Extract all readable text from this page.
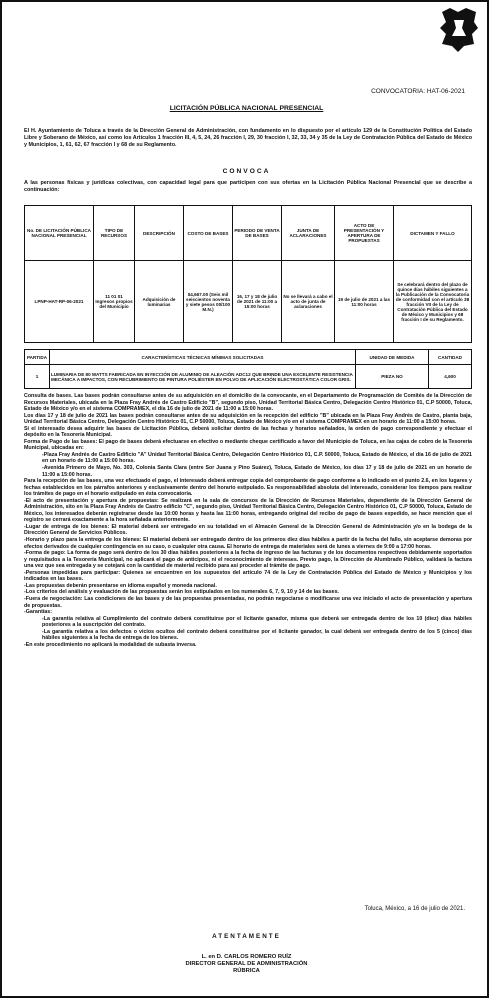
CONVOCATORIA: HAT-06-2021
LICITACIÓN PÚBLICA NACIONAL PRESENCIAL
El H. Ayuntamiento de Toluca a través de la Dirección General de Administración, con fundamento en lo dispuesto por el artículo 129 de la Constitución Política del Estado Libre y Soberano de México, así como los Artículos 1 fracción III, 4, 5, 24, 26 fracción I, 29, 30 fracción I, 32, 33, 34 y 35 de la Ley de Contratación Pública del Estado de México y Municipios, 1, 61, 62, 67 fracción I y 68 de su Reglamento.
CONVOCA
A las personas físicas y jurídicas colectivas, con capacidad legal para que participen con sus ofertas en la Licitación Pública Nacional Presencial que se describe a continuación:
No. DE LICITACIÓN PÚBLICA NACIONAL PRESENCIAL	TIPO DE RECURSOS	DESCRIPCIÓN	COSTO DE BASES	PERIODO DE VENTA DE BASES	JUNTA DE ACLARACIONES	ACTO DE PRESENTACIÓN Y APERTURA DE PROPUESTAS	DICTAMEN Y FALLO
LPNP-HAT-RP-06-2021	11 01 01 Ingresos propios del Municipio	Adquisición de luminarias	$4,667.00 (Seis mil seiscientos noventa y siete pesos 00/100 M.N.)	16, 17 y 18 de julio de 2021 de 11:00 a 15:00 horas	No se llevará a cabo el acto de junta de aclaraciones	19 de julio de 2021 a las 11:00 horas	Se celebrará dentro del plazo de quince días hábiles siguientes a la Publicación de la Convocatoria de conformidad con el artículo 38 fracción VII de la Ley de Contratación Pública del Estado de México y Municipios y 68 fracción I de su Reglamento.
PARTIDA	CARACTERÍSTICAS TÉCNICAS MÍNIMAS SOLICITADAS	UNIDAD DE MEDIDA	CANTIDAD
1	LUMINARIA DE 80 WATTS FABRICADA EN INYECCIÓN DE ALUMINIO DE ALEACIÓN ADC12 QUE BRINDE UNA EXCELENTE RESISTENCIA MECÁNICA A IMPACTOS, CON RECUBRIMIENTO DE PINTURA POLIÉSTER EN POLVO DE APLICACIÓN ELECTROSTÁTICA COLOR GRIS.	PIEZA NO	4,600

Consulta de bases. Las bases podrán consultarse antes de su adquisición en el domicilio de la convocante, en el Departamento de Programación de Comités de la Dirección de Recursos Materiales, ubicada en la Plaza Fray Andrés de Castro Edificio "B", segundo piso, Unidad Territorial Básica Centro, Delegación Centro Histórico 01, C.P 50000, Toluca, Estado de México y/o en el sistema COMPRAMEX, el día 16 de julio de 2021 de 11:00 a 15:00 horas.

Los días 17 y 18 de julio de 2021 las bases podrán consultarse antes de su adquisición en la recepción del edificio "B" ubicada en la Plaza Fray Andrés de Castro, planta baja, Unidad Territorial Básica Centro, Delegación Centro Histórico 01, C.P 50000, Toluca, Estado de México y/o en el sistema COMPRAMEX en un horario de 11:00 a 15:00 horas.

Si el interesado desea adquirir las bases de Licitación Pública, deberá solicitar dentro de las fechas y horarios señalados, la orden de pago correspondiente y efectuar el depósito en la Tesorería Municipal.

Forma de Pago de las bases: El pago de bases deberá efectuarse en efectivo o mediante cheque certificado a favor del Municipio de Toluca, en las cajas de cobro de la Tesorería Municipal, ubicadas en:

-Plaza Fray Andrés de Castro Edificio "A" Unidad Territorial Básica Centro, Delegación Centro Histórico 01, C.P. 50000, Toluca, Estado de México, el día 16 de julio de 2021 en un horario de 11:00 a 15:00 horas.

-Avenida Primero de Mayo, No. 303, Colonia Santa Clara (entre Sor Juana y Pino Suárez), Toluca, Estado de México, los días 17 y 18 de julio de 2021 en un horario de 11:00 a 15:00 horas.

Para la recepción de las bases, una vez efectuado el pago, el interesado deberá entregar copia del comprobante de pago conforme a lo indicado en el punto 2.6, en los lugares y fechas establecidos en los párrafos anteriores y exclusivamente dentro del horario estipulado. Es responsabilidad absoluta del interesado, considerar los tiempos para realizar los trámites de pago en el horario estipulado en ésta convocatoria.

-El acto de presentación y apertura de propuestas: Se realizará en la sala de concursos de la Dirección de Recursos Materiales, dependiente de la Dirección General de Administración, sito en la Plaza Fray Andrés de Castro edificio "C", segundo piso, Unidad Territorial Básica Centro, Delegación Centro Histórico 01, C.P 50000, Toluca, Estado de México, los interesados deberán registrarse desde las 10:00 horas y hasta las 11:00 horas, entregando original del recibo de pago de bases expedido, se hace mención que el registro se cerrará exactamente a la hora señalada anteriormente.

-Lugar de entrega de los bienes: El material deberá ser entregado en su totalidad en el Almacén General de la Dirección General de Administración y/o en la bodega de la Dirección General de Servicios Públicos.

-Horario y plazo para la entrega de los bienes: El material deberá ser entregado dentro de los primeros diez días hábiles a partir de la fecha del fallo, sin aceptarse demoras por efectos derivados de cualquier contingencia en su caso, o cualquier otra causa. El horario de entrega de materiales será de lunes a viernes de 9:00 a 17:00 horas.

-Forma de pago: La forma de pago será dentro de los 30 días hábiles posteriores a la fecha de ingreso de las facturas y de los documentos respectivos debidamente soportados y requisitados a la Tesorería Municipal, no aplicará el pago de anticipos, ni el reconocimiento de intereses. Previo pago, la Dirección de Alumbrado Público, validará la factura una vez que sea entregada y se cotejará con la cantidad de material recibido para así proceder al trámite de pago.

-Personas impedidas para participar: Quienes se encuentren en los supuestos del artículo 74 de la Ley de Contratación Pública del Estado de México y Municipios y los indicados en las bases.

-Las propuestas deberán presentarse en idioma español y moneda nacional.

-Los criterios del análisis y evaluación de las propuestas serán los estipulados en los numerales 6, 7, 9, 10 y 14 de las bases.

-Fuera de negociación: Las condiciones de las bases y de las propuestas presentadas, no podrán negociarse o modificarse una vez iniciado el acto de presentación y apertura de propuestas.

-Garantías:

-La garantía relativa al Cumplimiento del contrato deberá constituirse por el licitante ganador, misma que deberá ser entregada dentro de los 10 (diez) días hábiles posteriores a la suscripción del contrato.

-La garantía relativa a los defectos o vicios ocultos del contrato deberá constituirse por el licitante ganador, la cual deberá ser entregada dentro de los 5 (cinco) días hábiles siguientes a la fecha de entrega de los bienes.

-En este procedimiento no aplicará la modalidad de subasta inversa.

Toluca, México, a 16 de julio de 2021.
ATENTAMENTE
L. en D. CARLOS ROMERO RUÍZ
DIRECTOR GENERAL DE ADMINISTRACIÓN
RÚBRICA
